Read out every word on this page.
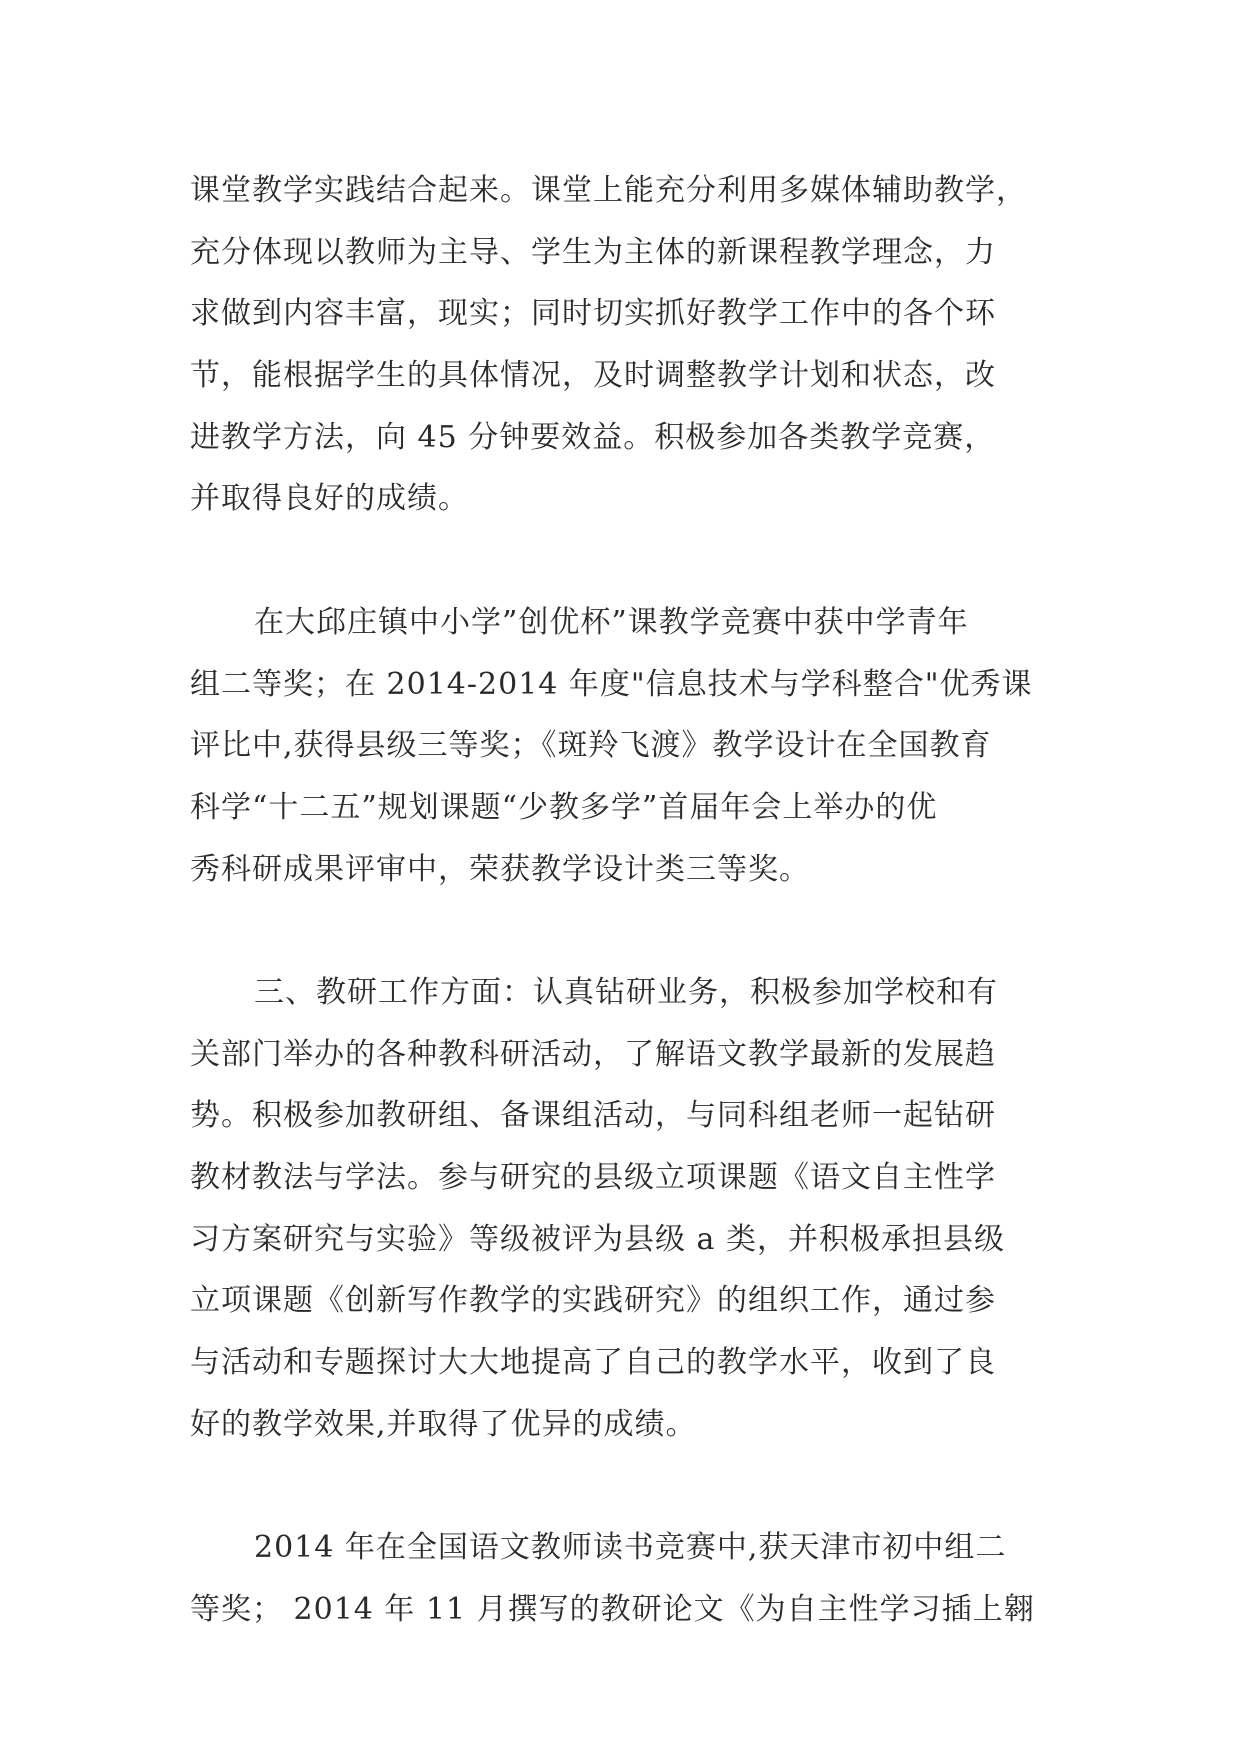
课堂教学实践结合起来。课堂上能充分利用多媒体辅助教学，
充分体现以教师为主导、学生为主体的新课程教学理念，力
求做到内容丰富，现实；同时切实抓好教学工作中的各个环
节，能根据学生的具体情况，及时调整教学计划和状态，改
进教学方法，向 45 分钟要效益。积极参加各类教学竞赛，
并取得良好的成绩。
在大邱庄镇中小学”创优杯”课教学竞赛中获中学青年
组二等奖；在 2014-2014 年度"信息技术与学科整合"优秀课
评比中,获得县级三等奖；《斑羚飞渡》教学设计在全国教育
科学“十二五”规划课题“少教多学”首届年会上举办的优
秀科研成果评审中，荣获教学设计类三等奖。
三、教研工作方面：认真钻研业务，积极参加学校和有
关部门举办的各种教科研活动，了解语文教学最新的发展趋
势。积极参加教研组、备课组活动，与同科组老师一起钻研
教材教法与学法。参与研究的县级立项课题《语文自主性学
习方案研究与实验》等级被评为县级 a 类，并积极承担县级
立项课题《创新写作教学的实践研究》的组织工作，通过参
与活动和专题探讨大大地提高了自己的教学水平，收到了良
好的教学效果,并取得了优异的成绩。
2014 年在全国语文教师读书竞赛中,获天津市初中组二
等奖； 2014 年 11 月撰写的教研论文《为自主性学习插上翱
